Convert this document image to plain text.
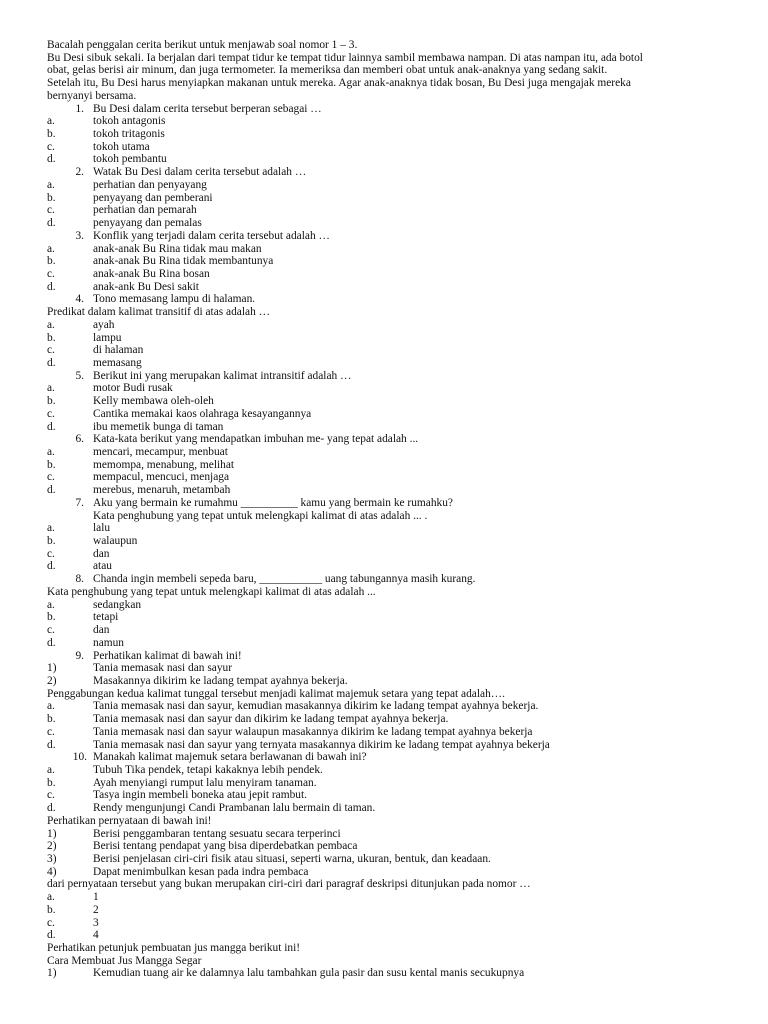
Bacalah penggalan cerita berikut untuk menjawab soal nomor 1 – 3.
Bu Desi sibuk sekali. Ia berjalan dari tempat tidur ke tempat tidur lainnya sambil membawa nampan. Di atas nampan itu, ada botol
obat, gelas berisi air minum, dan juga termometer. Ia memeriksa dan memberi obat untuk anak-anaknya yang sedang sakit.
Setelah itu, Bu Desi harus menyiapkan makanan untuk mereka. Agar anak-anaknya tidak bosan, Bu Desi juga mengajak mereka
bernyanyi bersama.
1. Bu Desi dalam cerita tersebut berperan sebagai …
a.	tokoh antagonis
b.	tokoh tritagonis
c.	tokoh utama
d.	tokoh pembantu
2. Watak Bu Desi dalam cerita tersebut adalah …
a.	perhatian dan penyayang
b.	penyayang dan pemberani
c.	perhatian dan pemarah
d.	penyayang dan pemalas
3. Konflik yang terjadi dalam cerita tersebut adalah …
a.	anak-anak Bu Rina tidak mau makan
b.	anak-anak Bu Rina tidak membantunya
c.	anak-anak Bu Rina bosan
d.	anak-ank Bu Desi sakit
4. Tono memasang lampu di halaman.
Predikat dalam kalimat transitif di atas adalah …
a.	ayah
b.	lampu
c.	di halaman
d.	memasang
5. Berikut ini yang merupakan kalimat intransitif adalah …
a.	motor Budi rusak
b.	Kelly membawa oleh-oleh
c.	Cantika memakai kaos olahraga kesayangannya
d.	ibu memetik bunga di taman
6. Kata-kata berikut yang mendapatkan imbuhan me- yang tepat adalah ...
a.	mencari, mecampur, menbuat
b.	memompa, menabung, melihat
c.	mempacul, mencuci, menjaga
d.	merebus, menaruh, metambah
7. Aku yang bermain ke rumahmu __________ kamu yang bermain ke rumahku?
Kata penghubung yang tepat untuk melengkapi kalimat di atas adalah ... .
a.	lalu
b.	walaupun
c.	dan
d.	atau
8. Chanda ingin membeli sepeda baru, ___________ uang tabungannya masih kurang.
Kata penghubung yang tepat untuk melengkapi kalimat di atas adalah ...
a.	sedangkan
b.	tetapi
c.	dan
d.	namun
9. Perhatikan kalimat di bawah ini!
1)	Tania memasak nasi dan sayur
2)	Masakannya dikirim ke ladang tempat ayahnya bekerja.
Penggabungan kedua kalimat tunggal tersebut menjadi kalimat majemuk setara yang tepat adalah….
a.	Tania memasak nasi dan sayur, kemudian masakannya dikirim ke ladang tempat ayahnya bekerja.
b.	Tania memasak nasi dan sayur dan dikirim ke ladang tempat ayahnya bekerja.
c.	Tania memasak nasi dan sayur walaupun masakannya dikirim ke ladang tempat ayahnya bekerja
d.	Tania memasak nasi dan sayur yang ternyata masakannya dikirim ke ladang tempat ayahnya bekerja
10. Manakah kalimat majemuk setara berlawanan di bawah ini?
a.	Tubuh Tika pendek, tetapi kakaknya lebih pendek.
b.	Ayah menyiangi rumput lalu menyiram tanaman.
c.	Tasya ingin membeli boneka atau jepit rambut.
d.	Rendy mengunjungi Candi Prambanan lalu bermain di taman.
Perhatikan pernyataan di bawah ini!
1)	Berisi penggambaran tentang sesuatu secara terperinci
2)	Berisi tentang pendapat yang bisa diperdebatkan pembaca
3)	Berisi penjelasan ciri-ciri fisik atau situasi, seperti warna, ukuran, bentuk, dan keadaan.
4)	Dapat menimbulkan kesan pada indra pembaca
dari pernyataan tersebut yang bukan merupakan ciri-ciri dari paragraf deskripsi ditunjukan pada nomor …
a.	1
b.	2
c.	3
d.	4
Perhatikan petunjuk pembuatan jus mangga berikut ini!
Cara Membuat Jus Mangga Segar
1)	Kemudian tuang air ke dalamnya lalu tambahkan gula pasir dan susu kental manis secukupnya
